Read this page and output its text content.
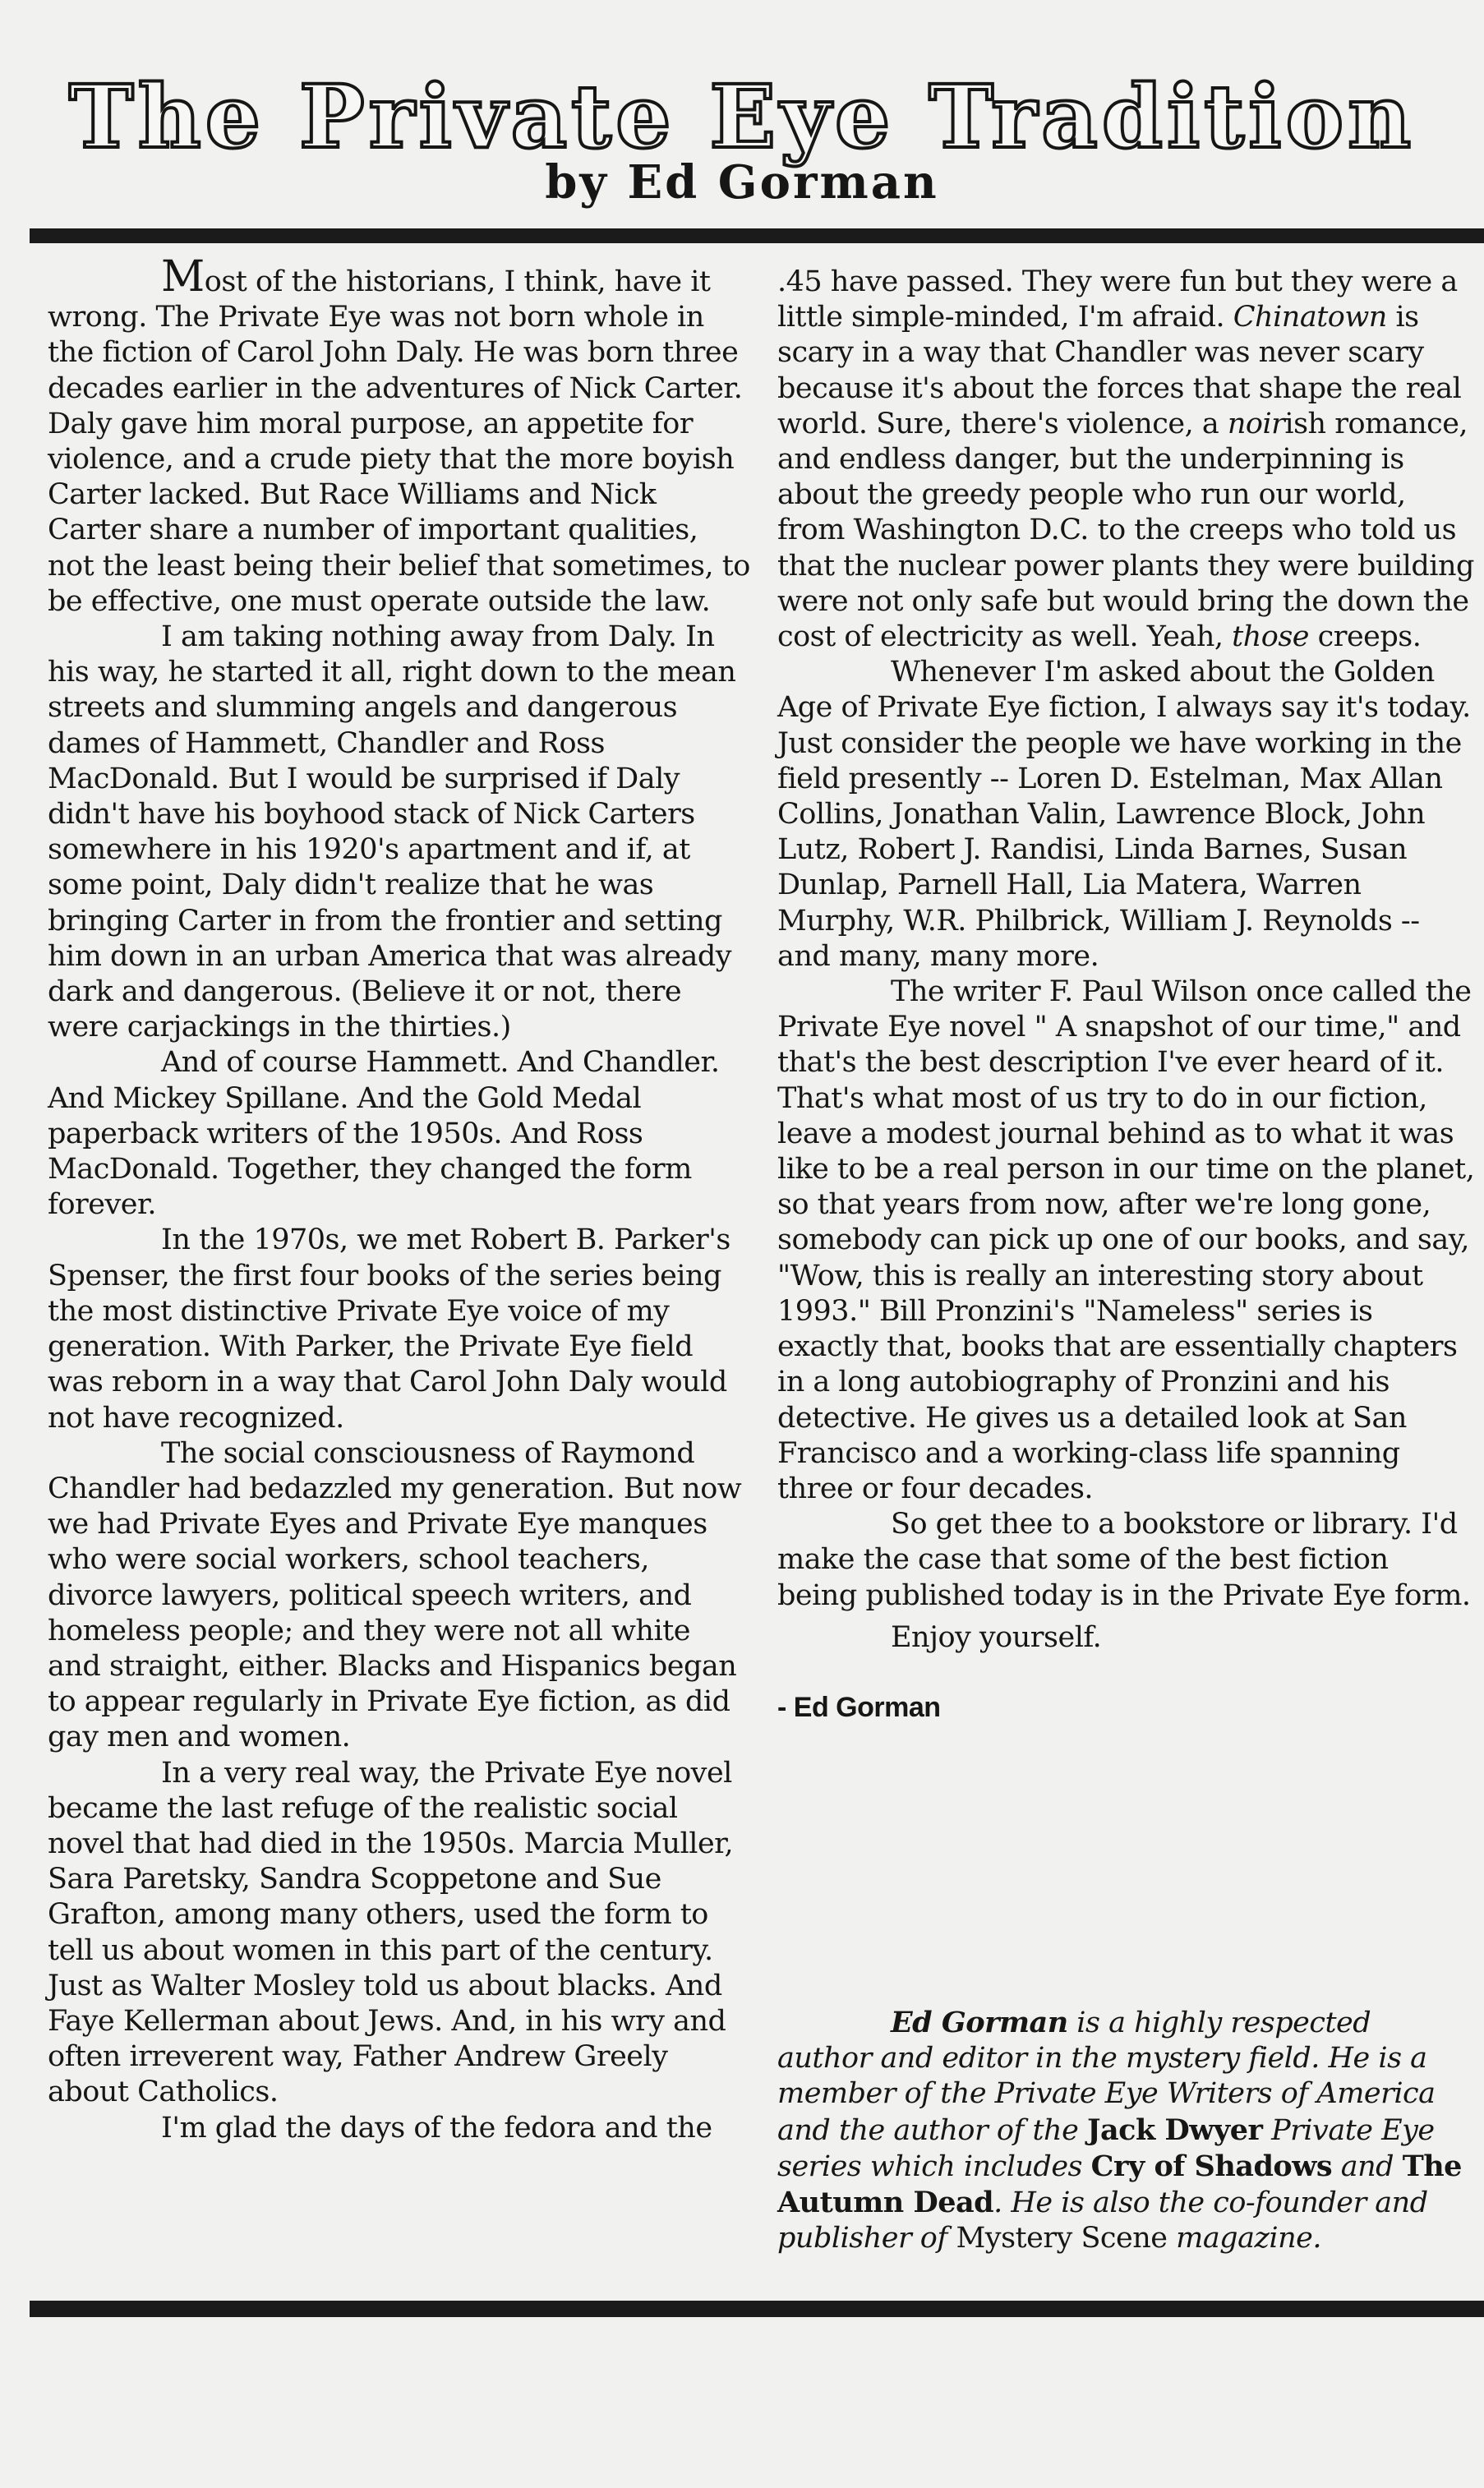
The Private Eye Tradition
by Ed Gorman

Most of the historians, I think, have it wrong. The Private Eye was not born whole in the fiction of Carol John Daly. He was born three decades earlier in the adventures of Nick Carter. Daly gave him moral purpose, an appetite for violence, and a crude piety that the more boyish Carter lacked. But Race Williams and Nick Carter share a number of important qualities, not the least being their belief that sometimes, to be effective, one must operate outside the law.

I am taking nothing away from Daly. In his way, he started it all, right down to the mean streets and slumming angels and dangerous dames of Hammett, Chandler and Ross MacDonald. But I would be surprised if Daly didn't have his boyhood stack of Nick Carters somewhere in his 1920's apartment and if, at some point, Daly didn't realize that he was bringing Carter in from the frontier and setting him down in an urban America that was already dark and dangerous. (Believe it or not, there were carjackings in the thirties.)

And of course Hammett. And Chandler. And Mickey Spillane. And the Gold Medal paperback writers of the 1950s. And Ross MacDonald. Together, they changed the form forever.

In the 1970s, we met Robert B. Parker's Spenser, the first four books of the series being the most distinctive Private Eye voice of my generation. With Parker, the Private Eye field was reborn in a way that Carol John Daly would not have recognized.

The social consciousness of Raymond Chandler had bedazzled my generation. But now we had Private Eyes and Private Eye manques who were social workers, school teachers, divorce lawyers, political speech writers, and homeless people; and they were not all white and straight, either. Blacks and Hispanics began to appear regularly in Private Eye fiction, as did gay men and women.

In a very real way, the Private Eye novel became the last refuge of the realistic social novel that had died in the 1950s. Marcia Muller, Sara Paretsky, Sandra Scoppetone and Sue Grafton, among many others, used the form to tell us about women in this part of the century. Just as Walter Mosley told us about blacks. And Faye Kellerman about Jews. And, in his wry and often irreverent way, Father Andrew Greely about Catholics.

I'm glad the days of the fedora and the

.45 have passed. They were fun but they were a little simple-minded, I'm afraid. Chinatown is scary in a way that Chandler was never scary because it's about the forces that shape the real world. Sure, there's violence, a noirish romance, and endless danger, but the underpinning is about the greedy people who run our world, from Washington D.C. to the creeps who told us that the nuclear power plants they were building were not only safe but would bring the down the cost of electricity as well. Yeah, those creeps.

Whenever I'm asked about the Golden Age of Private Eye fiction, I always say it's today. Just consider the people we have working in the field presently -- Loren D. Estelman, Max Allan Collins, Jonathan Valin, Lawrence Block, John Lutz, Robert J. Randisi, Linda Barnes, Susan Dunlap, Parnell Hall, Lia Matera, Warren Murphy, W.R. Philbrick, William J. Reynolds -- and many, many more.

The writer F. Paul Wilson once called the Private Eye novel " A snapshot of our time," and that's the best description I've ever heard of it. That's what most of us try to do in our fiction, leave a modest journal behind as to what it was like to be a real person in our time on the planet, so that years from now, after we're long gone, somebody can pick up one of our books, and say, "Wow, this is really an interesting story about 1993." Bill Pronzini's "Nameless" series is exactly that, books that are essentially chapters in a long autobiography of Pronzini and his detective. He gives us a detailed look at San Francisco and a working-class life spanning three or four decades.

So get thee to a bookstore or library. I'd make the case that some of the best fiction being published today is in the Private Eye form.

Enjoy yourself.

- Ed Gorman

Ed Gorman is a highly respected author and editor in the mystery field. He is a member of the Private Eye Writers of America and the author of the Jack Dwyer Private Eye series which includes Cry of Shadows and The Autumn Dead. He is also the co-founder and publisher of Mystery Scene magazine.
